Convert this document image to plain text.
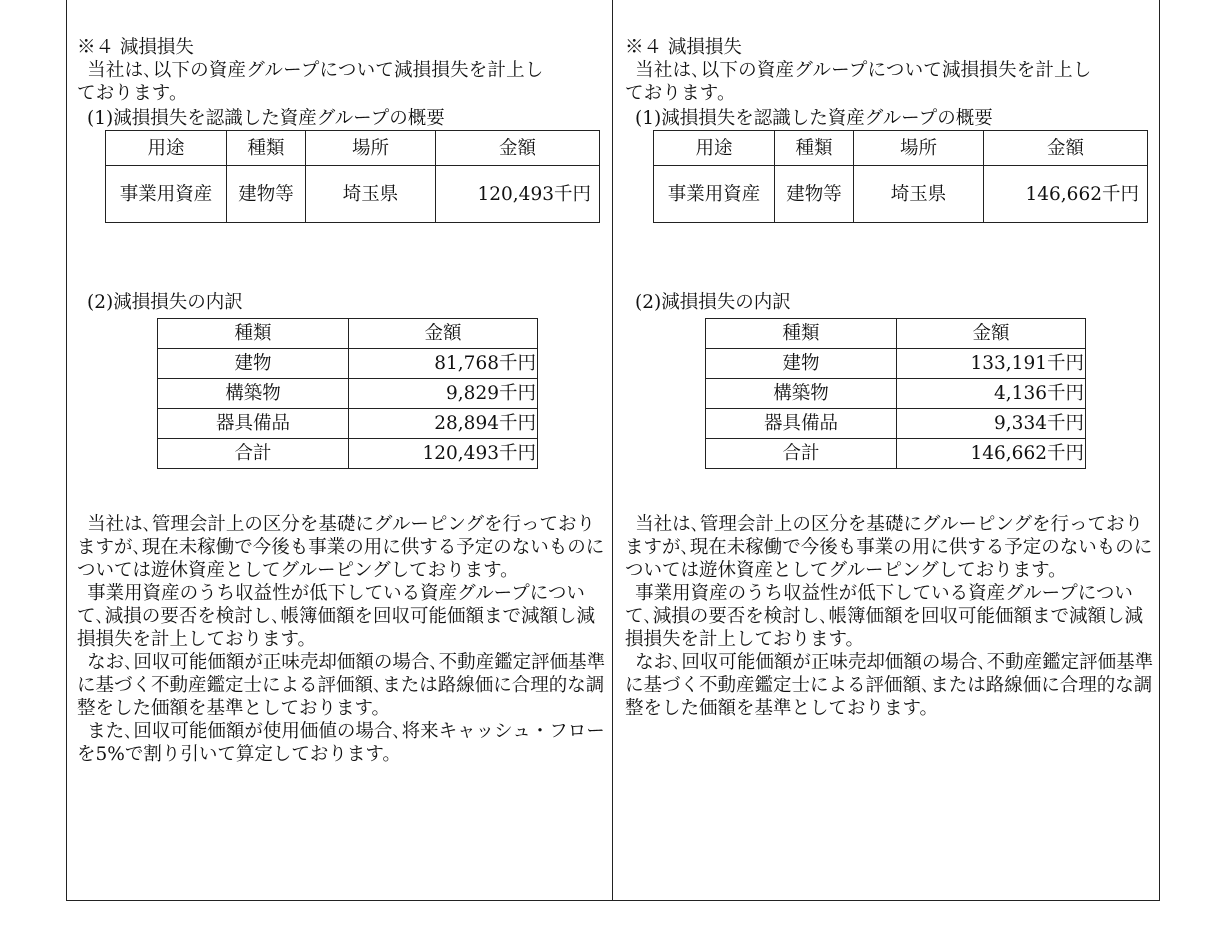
※４ 減損損失

当社は､以下の資産グループについて減損損失を計上し

ております。

(1)減損損失を認識した資産グループの概要

用途	種類	場所	金額
事業用資産	建物等	埼玉県	120,493千円

(2)減損損失の内訳

種類	金額
建物	81,768千円
構築物	9,829千円
器具備品	28,894千円
合計	120,493千円

当社は､管理会計上の区分を基礎にグルーピングを行っておりますが､現在未稼働で今後も事業の用に供する予定のないものについては遊休資産としてグルーピングしております。

事業用資産のうち収益性が低下している資産グループについて､減損の要否を検討し､帳簿価額を回収可能価額まで減額し減損損失を計上しております。

なお､回収可能価額が正味売却価額の場合､不動産鑑定評価基準に基づく不動産鑑定士による評価額､または路線価に合理的な調整をした価額を基準としております。

また､回収可能価額が使用価値の場合､将来キャッシュ・フローを5%で割り引いて算定しております。

※４ 減損損失

当社は､以下の資産グループについて減損損失を計上し

ております。

(1)減損損失を認識した資産グループの概要

用途	種類	場所	金額
事業用資産	建物等	埼玉県	146,662千円

(2)減損損失の内訳

種類	金額
建物	133,191千円
構築物	4,136千円
器具備品	9,334千円
合計	146,662千円

当社は､管理会計上の区分を基礎にグルーピングを行っておりますが､現在未稼働で今後も事業の用に供する予定のないものについては遊休資産としてグルーピングしております。

事業用資産のうち収益性が低下している資産グループについて､減損の要否を検討し､帳簿価額を回収可能価額まで減額し減損損失を計上しております。

なお､回収可能価額が正味売却価額の場合､不動産鑑定評価基準に基づく不動産鑑定士による評価額､または路線価に合理的な調整をした価額を基準としております。
